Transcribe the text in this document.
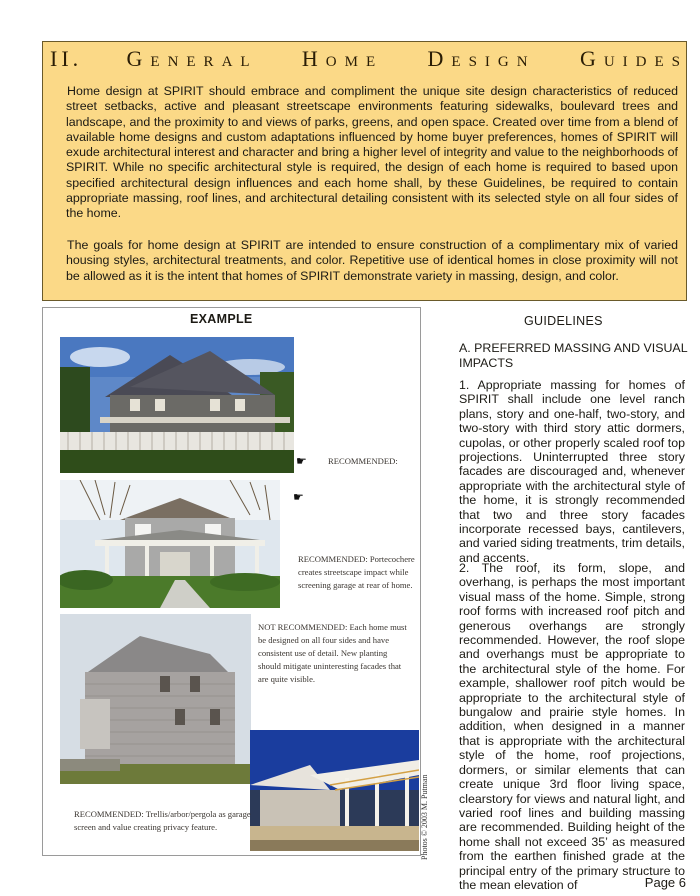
II. General Home Design Guides

Home design at SPIRIT should embrace and compliment the unique site design characteristics of reduced street setbacks, active and pleasant streetscape environments featuring sidewalks, boulevard trees and landscape, and the proximity to and views of parks, greens, and open space. Created over time from a blend of available home designs and custom adaptations influenced by home buyer preferences, homes of SPIRIT will exude architectural interest and character and bring a higher level of integrity and value to the neighborhoods of SPIRIT. While no specific architectural style is required, the design of each home is required to based upon specified architectural design influences and each home shall, by these Guidelines, be required to contain appropriate massing, roof lines, and architectural detailing consistent with its selected style on all four sides of the home.

The goals for home design at SPIRIT are intended to ensure construction of a complimentary mix of varied housing styles, architectural treatments, and color. Repetitive use of identical homes in close proximity will not be allowed as it is the intent that homes of SPIRIT demonstrate variety in massing, design, and color.

EXAMPLE
☛ RECOMMENDED:
☛
RECOMMENDED: Portecochere creates streetscape impact while screening garage at rear of home.
NOT RECOMMENDED: Each home must be designed on all four sides and have consistent use of detail. New planting should mitigate uninteresting facades that are quite visible.
RECOMMENDED: Trellis/arbor/pergola as garage screen and value creating privacy feature.	Photos © 2003 M. Putman
GUIDELINES

A. PREFERRED MASSING AND VISUAL IMPACTS

1. Appropriate massing for homes of SPIRIT shall include one level ranch plans, story and one-half, two-story, and two-story with third story attic dormers, cupolas, or other properly scaled roof top projections. Uninterrupted three story facades are discouraged and, whenever appropriate with the architectural style of the home, it is strongly recommended that two and three story facades incorporate recessed bays, cantilevers, and varied siding treatments, trim details, and accents.

2. The roof, its form, slope, and overhang, is perhaps the most important visual mass of the home. Simple, strong roof forms with increased roof pitch and generous overhangs are strongly recommended. However, the roof slope and overhangs must be appropriate to the architectural style of the home. For example, shallower roof pitch would be appropriate to the architectural style of bungalow and prairie style homes. In addition, when designed in a manner that is appropriate with the architectural style of the home, roof projections, dormers, or similar elements that can create unique 3rd floor living space, clearstory for views and natural light, and varied roof lines and building massing are recommended. Building height of the home shall not exceed 35’ as measured from the earthen finished grade at the principal entry of the primary structure to the mean elevation of	Page 6
